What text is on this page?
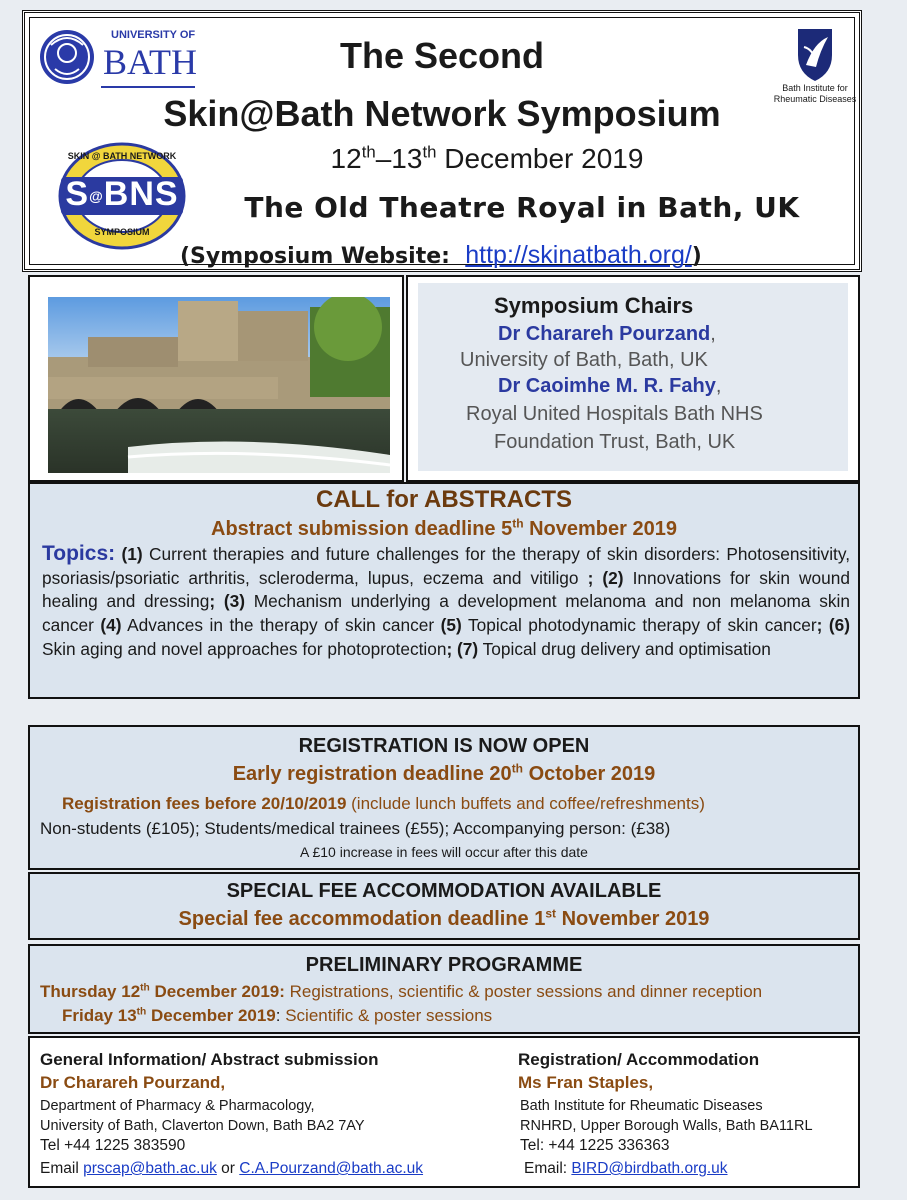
UNIVERSITY OF
BATH
Bath Institute for
Rheumatic Diseases
SKIN @ BATH NETWORK
S@BNS
SYMPOSIUM
The Second
Skin@Bath Network Symposium
12th–13th December 2019
The Old Theatre Royal in Bath, UK
(Symposium Website: http://skinatbath.org/)
Symposium Chairs
Dr Charareh Pourzand,
University of Bath, Bath, UK
Dr Caoimhe M. R. Fahy,
Royal United Hospitals Bath NHS
Foundation Trust, Bath, UK
CALL for ABSTRACTS
Abstract submission deadline 5th November 2019
Topics: (1) Current therapies and future challenges for the therapy of skin disorders: Photosensitivity, psoriasis/psoriatic arthritis, scleroderma, lupus, eczema and vitiligo ; (2) Innovations for skin wound healing and dressing; (3) Mechanism underlying a development melanoma and non melanoma skin cancer (4) Advances in the therapy of skin cancer (5) Topical photodynamic therapy of skin cancer; (6) Skin aging and novel approaches for photoprotection; (7) Topical drug delivery and optimisation
REGISTRATION IS NOW OPEN
Early registration deadline 20th October 2019
Registration fees before 20/10/2019 (include lunch buffets and coffee/refreshments)
Non-students (£105); Students/medical trainees (£55); Accompanying person: (£38)
A £10 increase in fees will occur after this date
SPECIAL FEE ACCOMMODATION AVAILABLE
Special fee accommodation deadline 1st November 2019
PRELIMINARY PROGRAMME
Thursday 12th December 2019: Registrations, scientific & poster sessions and dinner reception
Friday 13th December 2019: Scientific & poster sessions
General Information/ Abstract submission
Dr Charareh Pourzand,
Department of Pharmacy & Pharmacology,
University of Bath, Claverton Down, Bath BA2 7AY
Tel +44 1225 383590
Email prscap@bath.ac.uk or C.A.Pourzand@bath.ac.uk
Registration/ Accommodation
Ms Fran Staples,
Bath Institute for Rheumatic Diseases
RNHRD, Upper Borough Walls, Bath BA11RL
Tel: +44 1225 336363
Email: BIRD@birdbath.org.uk
